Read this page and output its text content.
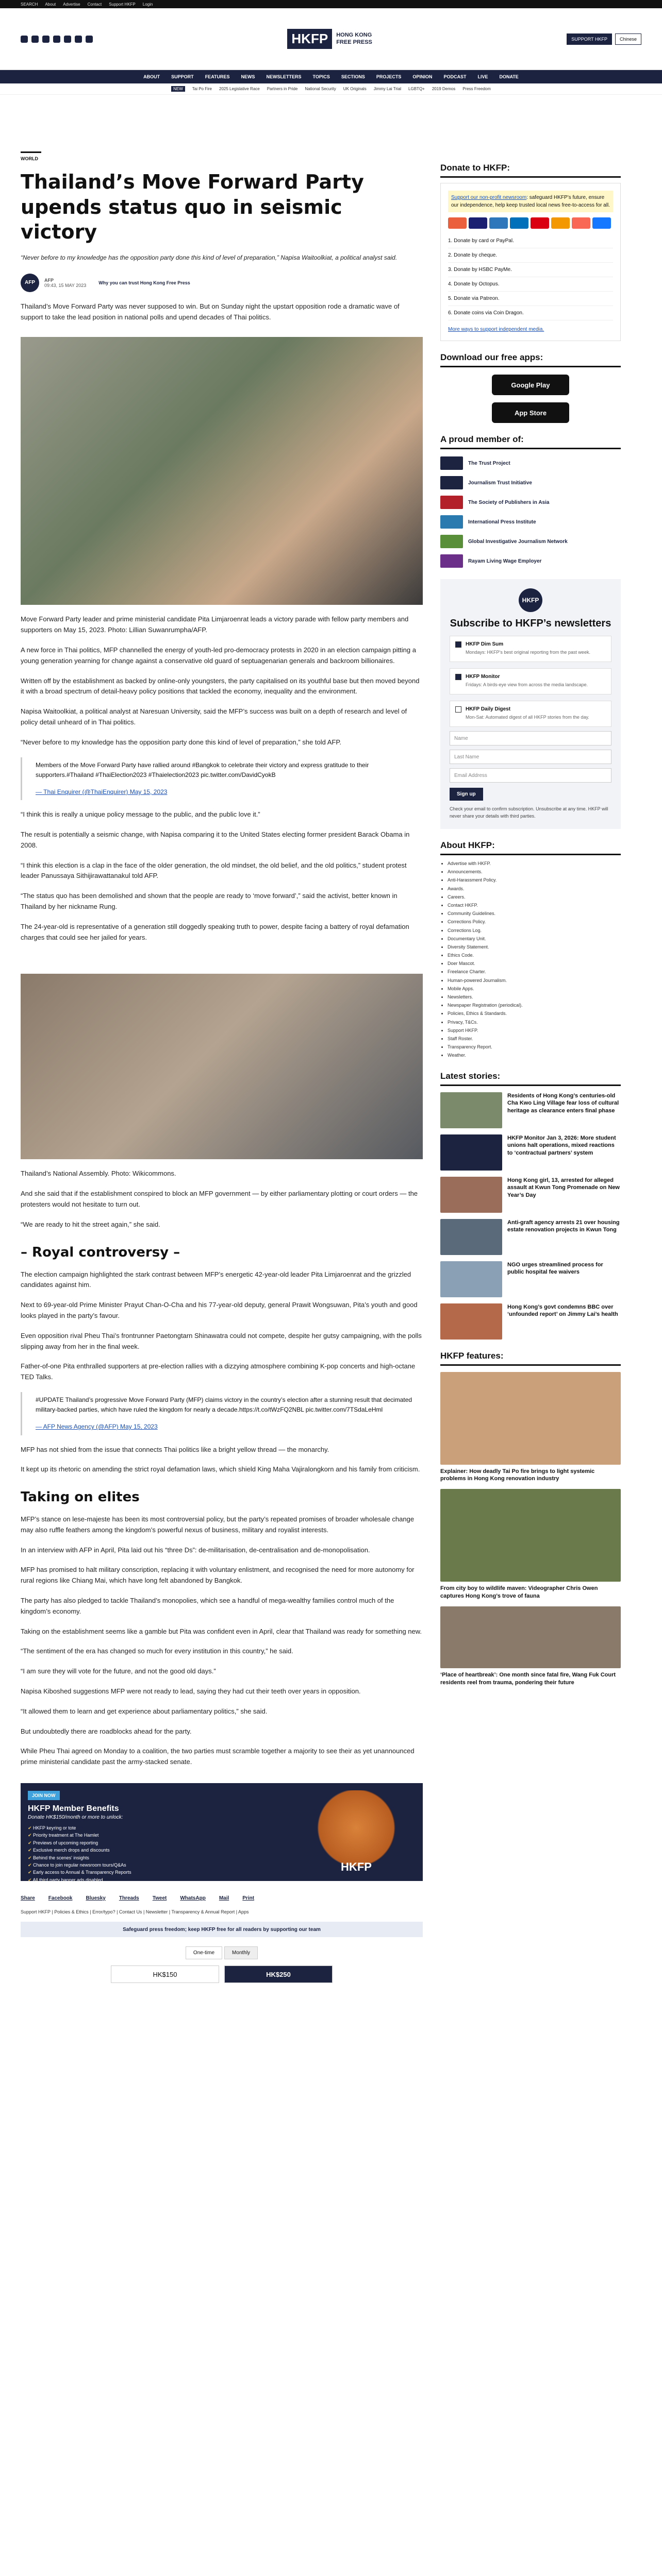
SEARCH About Advertise Contact Support HKFP Login
HKFP	HONG KONG
FREE PRESS	SUPPORT HKFP	Chinese
ABOUT SUPPORT FEATURES NEWS NEWSLETTERS TOPICS SECTIONS PROJECTS OPINION PODCAST LIVE DONATE
NEW	Tai Po Fire 2025 Legislative Race Partners in Pride National Security UK Originals Jimmy Lai Trial LGBTQ+ 2019 Demos Press Freedom
WORLD
Thailand’s Move Forward Party upends status quo in seismic victory

“Never before to my knowledge has the opposition party done this kind of level of preparation,” Napisa Waitoolkiat, a political analyst said.

AFP	AFP
09:43, 15 MAY 2023	Why you can trust Hong Kong Free Press

Thailand’s Move Forward Party was never supposed to win. But on Sunday night the upstart opposition rode a dramatic wave of support to take the lead position in national polls and upend decades of Thai politics.

Move Forward Party leader and prime ministerial candidate Pita Limjaroenrat leads a victory parade with fellow party members and supporters on May 15, 2023. Photo: Lillian Suwanrumpha/AFP.

A new force in Thai politics, MFP channelled the energy of youth-led pro-democracy protests in 2020 in an election campaign pitting a young generation yearning for change against a conservative old guard of septuagenarian generals and backroom billionaires.

Written off by the establishment as backed by online-only youngsters, the party capitalised on its youthful base but then moved beyond it with a broad spectrum of detail-heavy policy positions that tackled the economy, inequality and the environment.

Napisa Waitoolkiat, a political analyst at Naresuan University, said the MFP’s success was built on a depth of research and level of policy detail unheard of in Thai politics.

“Never before to my knowledge has the opposition party done this kind of level of preparation,” she told AFP.

Members of the Move Forward Party have rallied around #Bangkok to celebrate their victory and express gratitude to their supporters.#Thailand #ThaiElection2023 #Thaielection2023 pic.twitter.com/DavidCyokB
— Thai Enquirer (@ThaiEnquirer) May 15, 2023

“I think this is really a unique policy message to the public, and the public love it.”

The result is potentially a seismic change, with Napisa comparing it to the United States electing former president Barack Obama in 2008.

“I think this election is a clap in the face of the older generation, the old mindset, the old belief, and the old politics,” student protest leader Panussaya Sithijirawattanakul told AFP.

“The status quo has been demolished and shown that the people are ready to ‘move forward’,” said the activist, better known in Thailand by her nickname Rung.

The 24-year-old is representative of a generation still doggedly speaking truth to power, despite facing a battery of royal defamation charges that could see her jailed for years.

Thailand’s National Assembly. Photo: Wikicommons.

And she said that if the establishment conspired to block an MFP government — by either parliamentary plotting or court orders — the protesters would not hesitate to turn out.

“We are ready to hit the street again,” she said.

– Royal controversy –

The election campaign highlighted the stark contrast between MFP’s energetic 42-year-old leader Pita Limjaroenrat and the grizzled candidates against him.

Next to 69-year-old Prime Minister Prayut Chan-O-Cha and his 77-year-old deputy, general Prawit Wongsuwan, Pita’s youth and good looks played in the party’s favour.

Even opposition rival Pheu Thai’s frontrunner Paetongtarn Shinawatra could not compete, despite her gutsy campaigning, with the polls slipping away from her in the final week.

Father-of-one Pita enthralled supporters at pre-election rallies with a dizzying atmosphere combining K-pop concerts and high-octane TED Talks.

#UPDATE Thailand’s progressive Move Forward Party (MFP) claims victory in the country’s election after a stunning result that decimated military-backed parties, which have ruled the kingdom for nearly a decade.https://t.co/tWzFQ2NBL pic.twitter.com/7TSdaLeHml
— AFP News Agency (@AFP) May 15, 2023

MFP has not shied from the issue that connects Thai politics like a bright yellow thread — the monarchy.

It kept up its rhetoric on amending the strict royal defamation laws, which shield King Maha Vajiralongkorn and his family from criticism.

Taking on elites

MFP’s stance on lese-majeste has been its most controversial policy, but the party’s repeated promises of broader wholesale change may also ruffle feathers among the kingdom’s powerful nexus of business, military and royalist interests.

In an interview with AFP in April, Pita laid out his “three Ds”: de-militarisation, de-centralisation and de-monopolisation.

MFP has promised to halt military conscription, replacing it with voluntary enlistment, and recognised the need for more autonomy for rural regions like Chiang Mai, which have long felt abandoned by Bangkok.

The party has also pledged to tackle Thailand’s monopolies, which see a handful of mega-wealthy families control much of the kingdom’s economy.

Taking on the establishment seems like a gamble but Pita was confident even in April, clear that Thailand was ready for something new.

“The sentiment of the era has changed so much for every institution in this country,” he said.

“I am sure they will vote for the future, and not the good old days.”

Napisa Kiboshed suggestions MFP were not ready to lead, saying they had cut their teeth over years in opposition.

“It allowed them to learn and get experience about parliamentary politics,” she said.

But undoubtedly there are roadblocks ahead for the party.

While Pheu Thai agreed on Monday to a coalition, the two parties must scramble together a majority to see their as yet unannounced prime ministerial candidate past the army-stacked senate.

JOIN NOW
HKFP Member Benefits
Donate HK$150/month or more to unlock:
✔ HKFP keyring or tote
✔ Priority treatment at The Hamlet
✔ Previews of upcoming reporting
✔ Exclusive merch drops and discounts
✔ Behind the scenes' insights
✔ Chance to join regular newsroom tours/Q&As
✔ Early access to Annual & Transparency Reports
✔ All third party banner ads disabled
HKFP
Share	Facebook	Bluesky	Threads	Tweet	WhatsApp	Mail	Print
Support HKFP | Policies & Ethics | Error/typo? | Contact Us | Newsletter | Transparency & Annual Report | Apps
Safeguard press freedom; keep HKFP free for all readers by supporting our team
One-time	Monthly
HK$150	HK$250
Donate to HKFP:
Support our non-profit newsroom: safeguard HKFP’s future, ensure our independence, help keep trusted local news free-to-access for all.
1. Donate by card or PayPal.
2. Donate by cheque.
3. Donate by HSBC PayMe.
4. Donate by Octopus.
5. Donate via Patreon.
6. Donate coins via Coin Dragon.
More ways to support independent media.
Download our free apps:
Google Play
App Store
A proud member of:
The Trust Project
Journalism Trust Initiative
The Society of Publishers in Asia
International Press Institute
Global Investigative Journalism Network
Rayam Living Wage Employer
HKFP
Subscribe to HKFP’s newsletters
HKFP Dim Sum
Mondays: HKFP’s best original reporting from the past week.
HKFP Monitor
Fridays: A birds-eye view from across the media landscape.
HKFP Daily Digest
Mon-Sat: Automated digest of all HKFP stories from the day.
Name
Last Name
Email Address
Sign up
Check your email to confirm subscription. Unsubscribe at any time. HKFP will never share your details with third parties.
About HKFP:
• Advertise with HKFP.
• Announcements.
• Anti-Harassment Policy.
• Awards.
• Careers.
• Contact HKFP.
• Community Guidelines.
• Corrections Policy.
• Corrections Log.
• Documentary Unit.
• Diversity Statement.
• Ethics Code.
• Doer Mascot.
• Freelance Charter.
• Human-powered Journalism.
• Mobile Apps.
• Newsletters.
• Newspaper Registration (periodical).
• Policies, Ethics & Standards.
• Privacy, T&Cs.
• Support HKFP.
• Staff Roster.
• Transparency Report.
• Weather.
Latest stories:
Residents of Hong Kong’s centuries-old Cha Kwo Ling Village fear loss of cultural heritage as clearance enters final phase
HKFP Monitor Jan 3, 2026: More student unions halt operations, mixed reactions to ‘contractual partners’ system
Hong Kong girl, 13, arrested for alleged assault at Kwun Tong Promenade on New Year’s Day
Anti-graft agency arrests 21 over housing estate renovation projects in Kwun Tong
NGO urges streamlined process for public hospital fee waivers
Hong Kong’s govt condemns BBC over ‘unfounded report’ on Jimmy Lai’s health
HKFP features:
Explainer: How deadly Tai Po fire brings to light systemic problems in Hong Kong renovation industry
From city boy to wildlife maven: Videographer Chris Owen captures Hong Kong’s trove of fauna
‘Place of heartbreak’: One month since fatal fire, Wang Fuk Court residents reel from trauma, pondering their future
